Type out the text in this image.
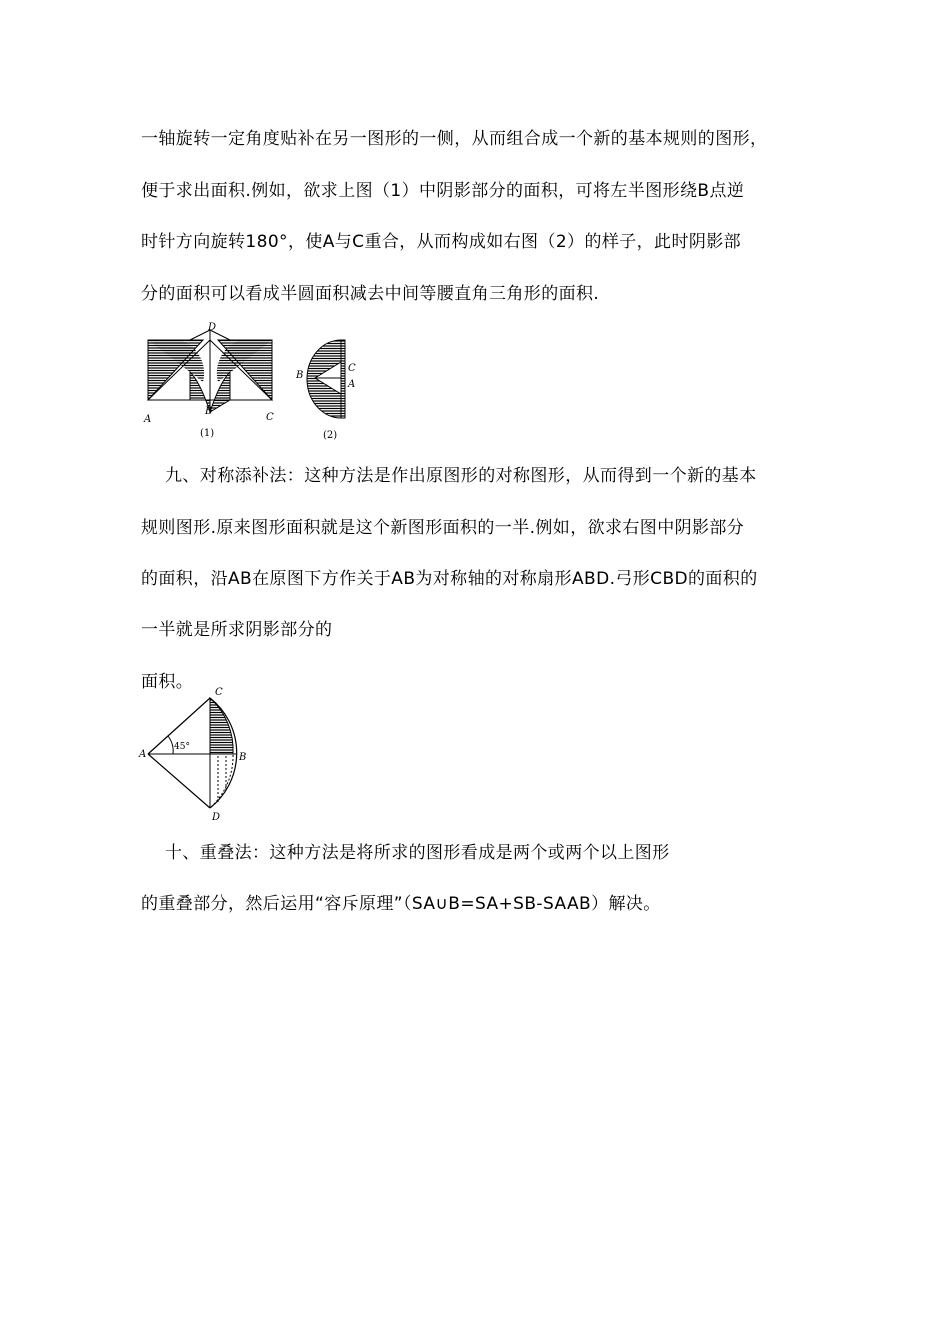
一轴旋转一定角度贴补在另一图形的一侧，从而组合成一个新的基本规则的图形，
便于求出面积.例如，欲求上图（1）中阴影部分的面积，可将左半图形绕B点逆
时针方向旋转180°，使A与C重合，从而构成如右图（2）的样子，此时阴影部
分的面积可以看成半圆面积减去中间等腰直角三角形的面积.
D
A
B
C
(1)
B
C
A
(2)
九、对称添补法：这种方法是作出原图形的对称图形，从而得到一个新的基本
规则图形.原来图形面积就是这个新图形面积的一半.例如，欲求右图中阴影部分
的面积，沿AB在原图下方作关于AB为对称轴的对称扇形ABD.弓形CBD的面积的
一半就是所求阴影部分的
面积。
45°
C
A	B
D
十、重叠法：这种方法是将所求的图形看成是两个或两个以上图形
的重叠部分，然后运用“容斥原理”（SA∪B=SA+SB-SAAB）解决。
